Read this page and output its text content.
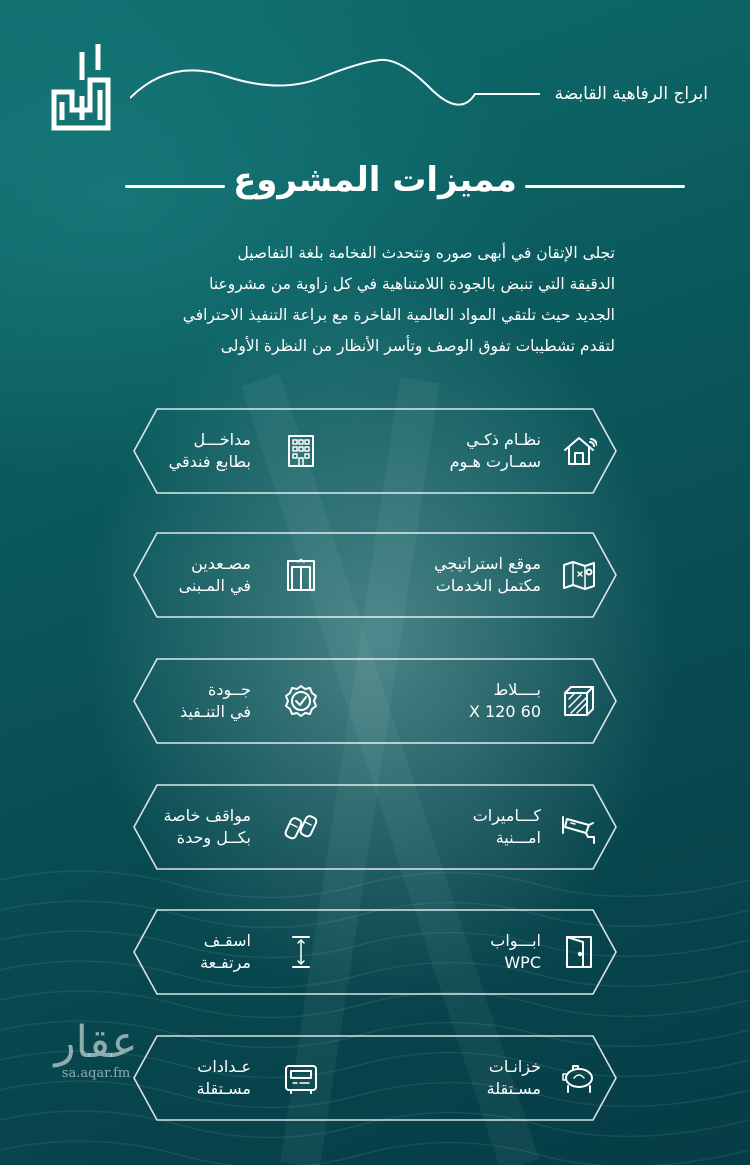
ابراج الرفاهية القابضة
مميزات المشروع

تجلى الإتقان في أبهى صوره وتتحدث الفخامة بلغة التفاصيل

الدقيقة التي تنبض بالجودة اللامتناهية في كل زاوية من مشروعنا

الجديد حيث تلتقي المواد العالمية الفاخرة مع براعة التنفيذ الاحترافي

لتقدم تشطيبات تفوق الوصف وتأسر الأنظار من النظرة الأولى

نظـام ذكـي
سمـارت هـوم
مداخـــل
بطابع فندقي
موقع استراتيجي
مكتمل الخدمات
مصـعدين
في المـبنى
بــــلاط
60 X 120
جــودة
في التنـفيذ
كـــاميرات
امـــنية
مواقف خاصة
بكــل وحدة
ابـــواب
WPC
اسقـف
مرتفـعة
خزانـات
مسـتقلة
عـدادات
مسـتقلة
عقار
sa.aqar.fm
